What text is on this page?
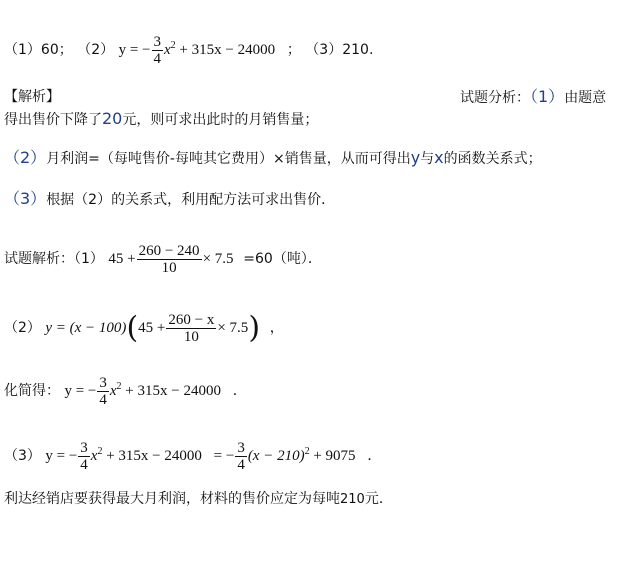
（1）60； （2） y = − $\frac{3}{4} x^2 + 315x - 24000$ ； （3）210.
【解析】	试题分析：（1）由题意
得出售价下降了20元，则可求出此时的月销售量；
（2）月利润=（每吨售价-每吨其它费用）×销售量，从而可得出y与x的函数关系式；
（3）根据（2）的关系式，利用配方法可求出售价．
试题解析：（1） $45 + \frac{260 - 240}{10} \times 7.5 =60$（吨）．
（2） $y = (x - 100)(45 + \frac{260 - x}{10} \times 7.5)$ ，
化简得： y = − $\frac{3}{4} x^2 + 315x - 24000$ ．
（3） y = − $\frac{3}{4} x^2 + 315x - 24000$ = − $\frac{3}{4} (x - 210)^2 + 9075$ ．
利达经销店要获得最大月利润，材料的售价应定为每吨210元．
